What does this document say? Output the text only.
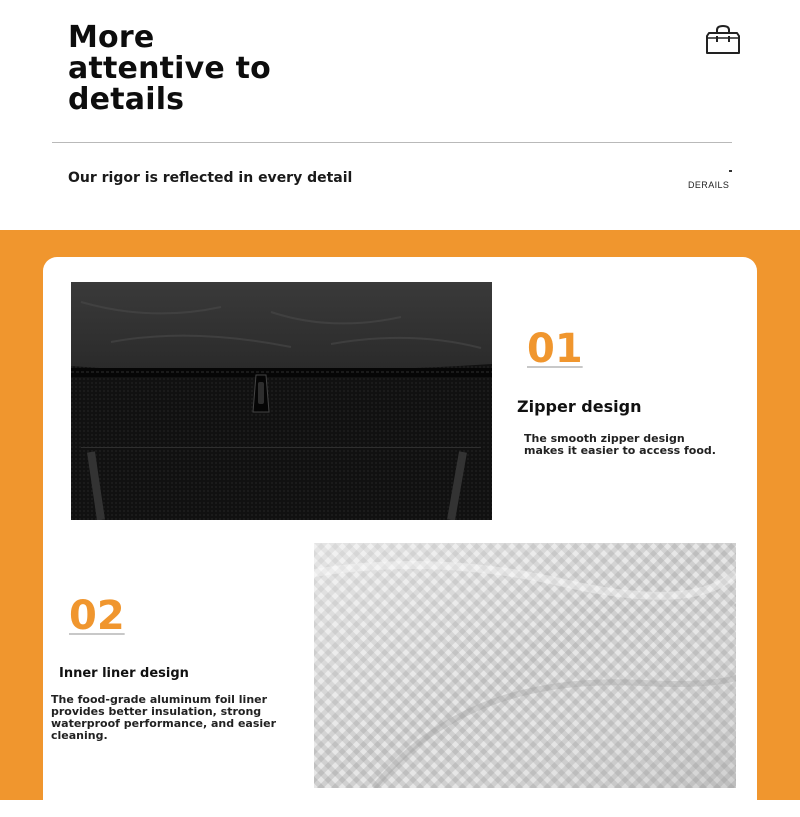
More
attentive to
details
Our rigor is reflected in every detail	DERAILS
01
Zipper design
The smooth zipper design makes it easier to access food.
02
Inner liner design
The food-grade aluminum foil liner provides better insulation, strong waterproof performance, and easier cleaning.
